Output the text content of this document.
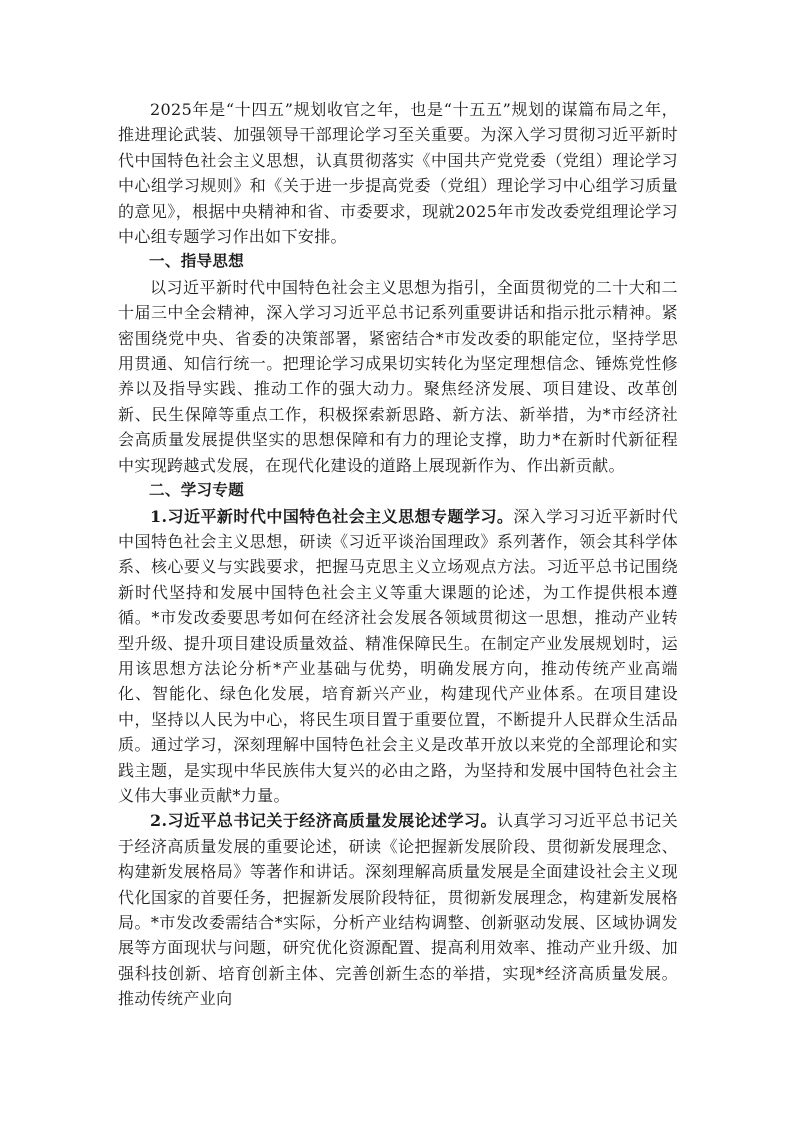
2025年是“十四五”规划收官之年，也是“十五五”规划的谋篇布局之年，推进理论武装、加强领导干部理论学习至关重要。为深入学习贯彻习近平新时代中国特色社会主义思想，认真贯彻落实《中国共产党党委（党组）理论学习中心组学习规则》和《关于进一步提高党委（党组）理论学习中心组学习质量的意见》，根据中央精神和省、市委要求，现就2025年市发改委党组理论学习中心组专题学习作出如下安排。

一、指导思想

以习近平新时代中国特色社会主义思想为指引，全面贯彻党的二十大和二十届三中全会精神，深入学习习近平总书记系列重要讲话和指示批示精神。紧密围绕党中央、省委的决策部署，紧密结合*市发改委的职能定位，坚持学思用贯通、知信行统一。把理论学习成果切实转化为坚定理想信念、锤炼党性修养以及指导实践、推动工作的强大动力。聚焦经济发展、项目建设、改革创新、民生保障等重点工作，积极探索新思路、新方法、新举措，为*市经济社会高质量发展提供坚实的思想保障和有力的理论支撑，助力*在新时代新征程中实现跨越式发展，在现代化建设的道路上展现新作为、作出新贡献。

二、学习专题

1.习近平新时代中国特色社会主义思想专题学习。深入学习习近平新时代中国特色社会主义思想，研读《习近平谈治国理政》系列著作，领会其科学体系、核心要义与实践要求，把握马克思主义立场观点方法。习近平总书记围绕新时代坚持和发展中国特色社会主义等重大课题的论述，为工作提供根本遵循。*市发改委要思考如何在经济社会发展各领域贯彻这一思想，推动产业转型升级、提升项目建设质量效益、精准保障民生。在制定产业发展规划时，运用该思想方法论分析*产业基础与优势，明确发展方向，推动传统产业高端化、智能化、绿色化发展，培育新兴产业，构建现代产业体系。在项目建设中，坚持以人民为中心，将民生项目置于重要位置，不断提升人民群众生活品质。通过学习，深刻理解中国特色社会主义是改革开放以来党的全部理论和实践主题，是实现中华民族伟大复兴的必由之路，为坚持和发展中国特色社会主义伟大事业贡献*力量。

2.习近平总书记关于经济高质量发展论述学习。认真学习习近平总书记关于经济高质量发展的重要论述，研读《论把握新发展阶段、贯彻新发展理念、构建新发展格局》等著作和讲话。深刻理解高质量发展是全面建设社会主义现代化国家的首要任务，把握新发展阶段特征，贯彻新发展理念，构建新发展格局。*市发改委需结合*实际，分析产业结构调整、创新驱动发展、区域协调发展等方面现状与问题，研究优化资源配置、提高利用效率、推动产业升级、加强科技创新、培育创新主体、完善创新生态的举措，实现*经济高质量发展。推动传统产业向
